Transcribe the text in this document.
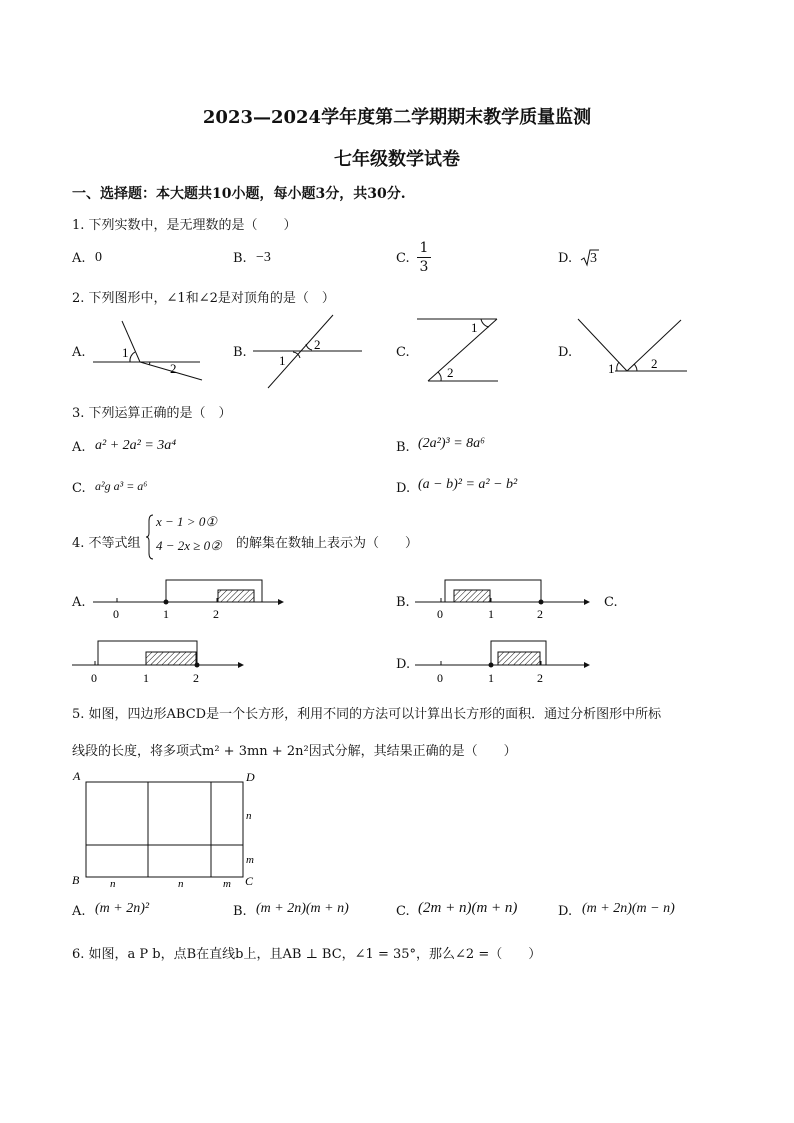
2023—2024学年度第二学期期末教学质量监测
七年级数学试卷
一、选择题：本大题共10小题，每小题3分，共30分.
1. 下列实数中，是无理数的是（　　）
A. 0	B. −3	C.
1
3
D. 3
2. 下列图形中，∠1和∠2是对顶角的是（　）
A.	1
2
B.
1
2
C.
1
2
D.
1	2
3. 下列运算正确的是（　）
A. a² + 2a² = 3a⁴	B. (2a²)³ = 8a⁶
C. a²g a³ = a⁶	D. (a − b)² = a² − b²
4. 不等式组
x − 1 > 0①
4 − 2x ≥ 0② 的解集在数轴上表示为（　　）
A.
0	1	2
B.
0	1	2
C.
0	1	2
D.
0	1	2
5. 如图，四边形ABCD是一个长方形，利用不同的方法可以计算出长方形的面积．通过分析图形中所标
线段的长度，将多项式m² + 3mn + 2n²因式分解，其结果正确的是（　　）
A	D
B	C
n
m
n	n	m
A. (m + 2n)²	B. (m + 2n)(m + n)	C. (2m + n)(m + n)	D. (m + 2n)(m − n)
6. 如图，a P b，点B在直线b上，且AB ⊥ BC，∠1 = 35°，那么∠2 =（　　）
